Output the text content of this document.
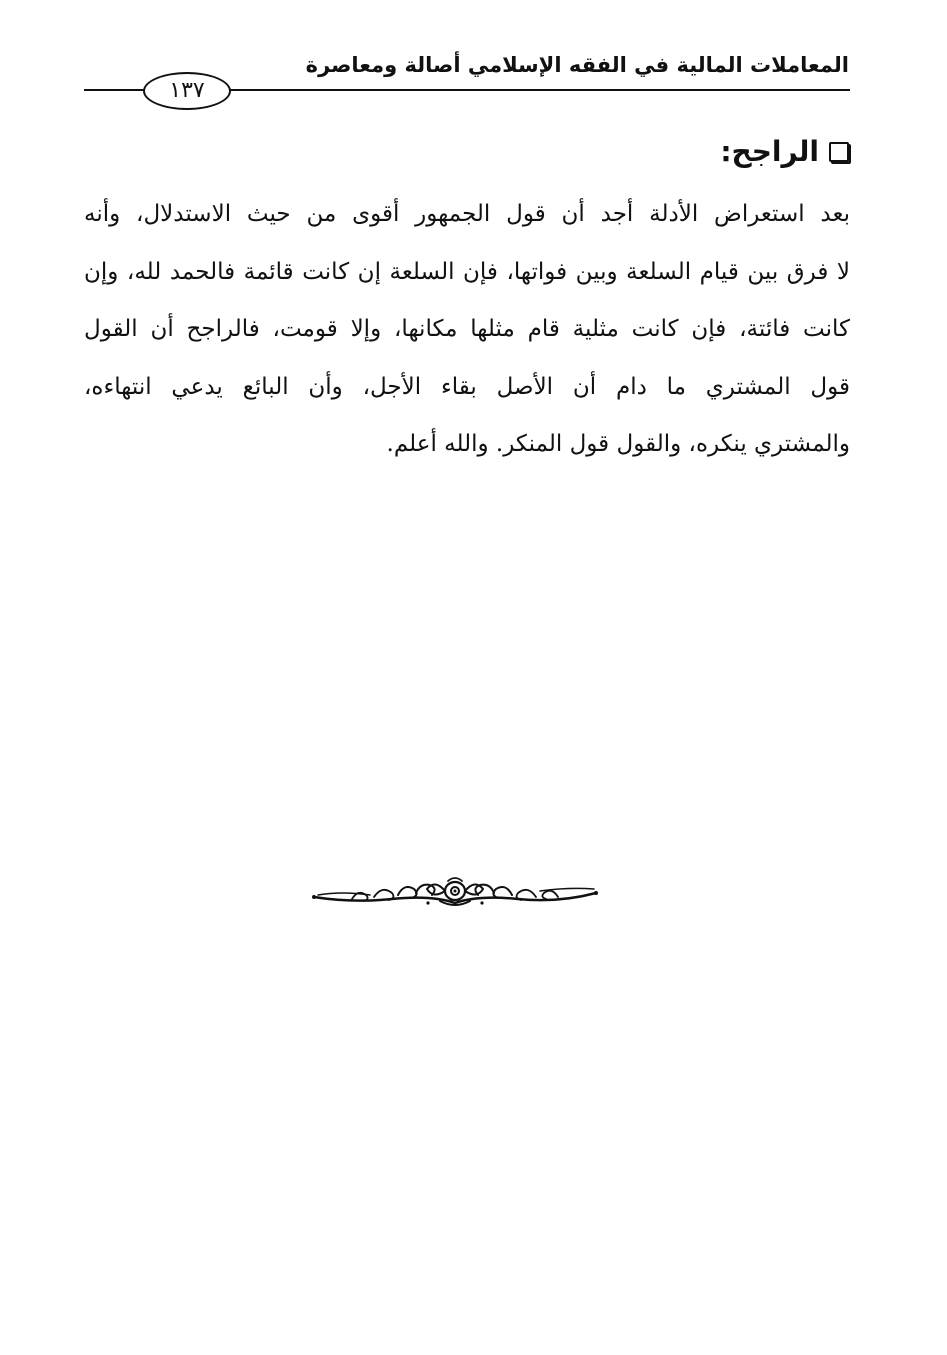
المعاملات المالية في الفقه الإسلامي أصالة ومعاصرة
١٣٧
الراجح:
بعد استعراض الأدلة أجد أن قول الجمهور أقوى من حيث الاستدلال، وأنه
لا فرق بين قيام السلعة وبين فواتها، فإن السلعة إن كانت قائمة فالحمد لله، وإن
كانت فائتة، فإن كانت مثلية قام مثلها مكانها، وإلا قومت، فالراجح أن القول
قول المشتري ما دام أن الأصل بقاء الأجل، وأن البائع يدعي انتهاءه،
والمشتري ينكره، والقول قول المنكر. والله أعلم.
